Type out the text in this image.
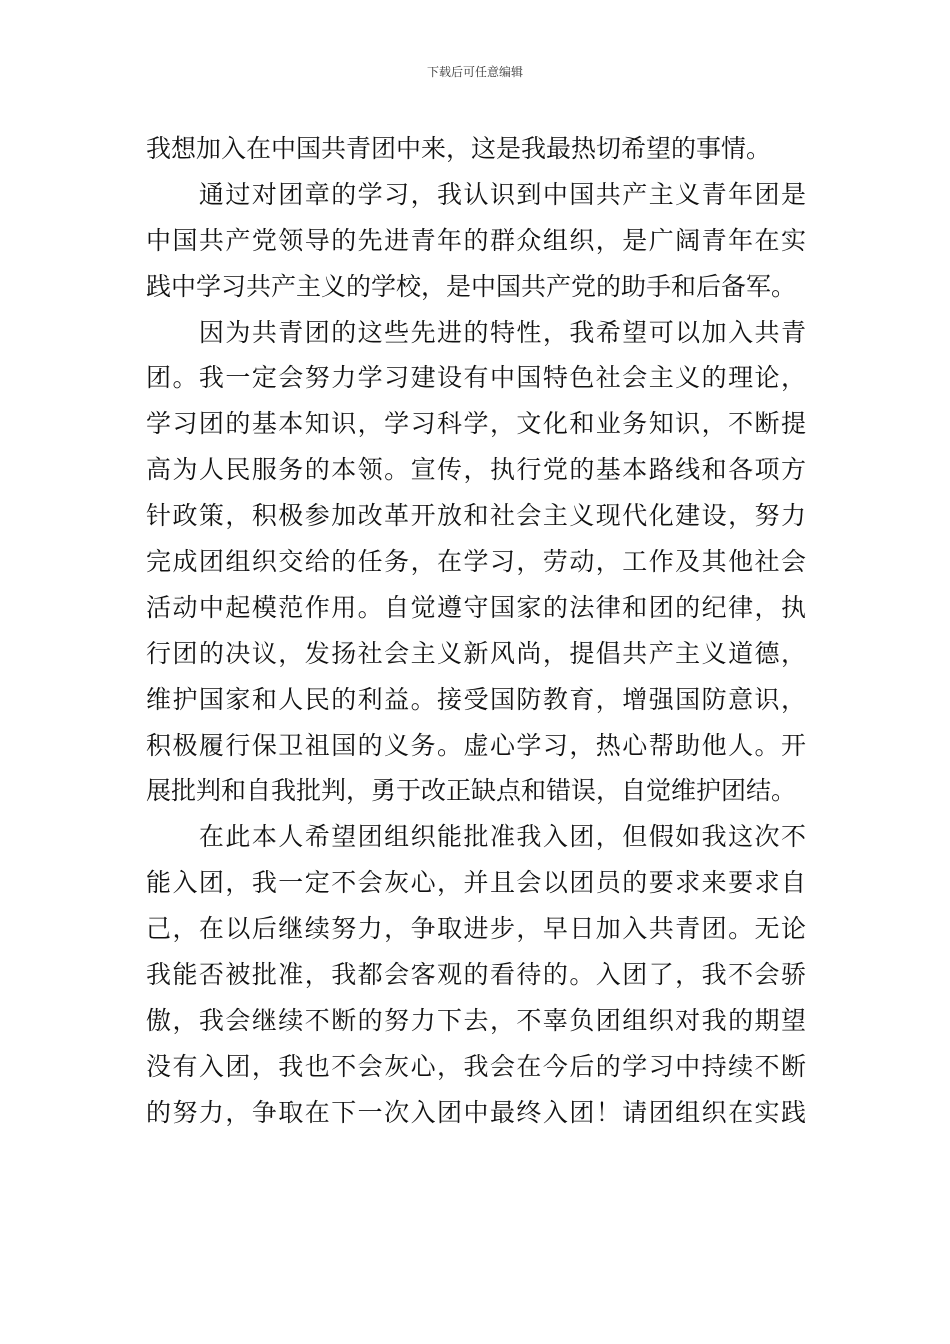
下载后可任意编辑
我想加入在中国共青团中来，这是我最热切希望的事情。
　　通过对团章的学习，我认识到中国共产主义青年团是
中国共产党领导的先进青年的群众组织，是广阔青年在实
践中学习共产主义的学校，是中国共产党的助手和后备军。
　　因为共青团的这些先进的特性，我希望可以加入共青
团。我一定会努力学习建设有中国特色社会主义的理论，
学习团的基本知识，学习科学，文化和业务知识，不断提
高为人民服务的本领。宣传，执行党的基本路线和各项方
针政策，积极参加改革开放和社会主义现代化建设，努力
完成团组织交给的任务，在学习，劳动，工作及其他社会
活动中起模范作用。自觉遵守国家的法律和团的纪律，执
行团的决议，发扬社会主义新风尚，提倡共产主义道德，
维护国家和人民的利益。接受国防教育，增强国防意识，
积极履行保卫祖国的义务。虚心学习，热心帮助他人。开
展批判和自我批判，勇于改正缺点和错误，自觉维护团结。
　　在此本人希望团组织能批准我入团，但假如我这次不
能入团，我一定不会灰心，并且会以团员的要求来要求自
己，在以后继续努力，争取进步，早日加入共青团。无论
我能否被批准，我都会客观的看待的。入团了，我不会骄
傲，我会继续不断的努力下去，不辜负团组织对我的期望
没有入团，我也不会灰心，我会在今后的学习中持续不断
的努力，争取在下一次入团中最终入团！请团组织在实践
